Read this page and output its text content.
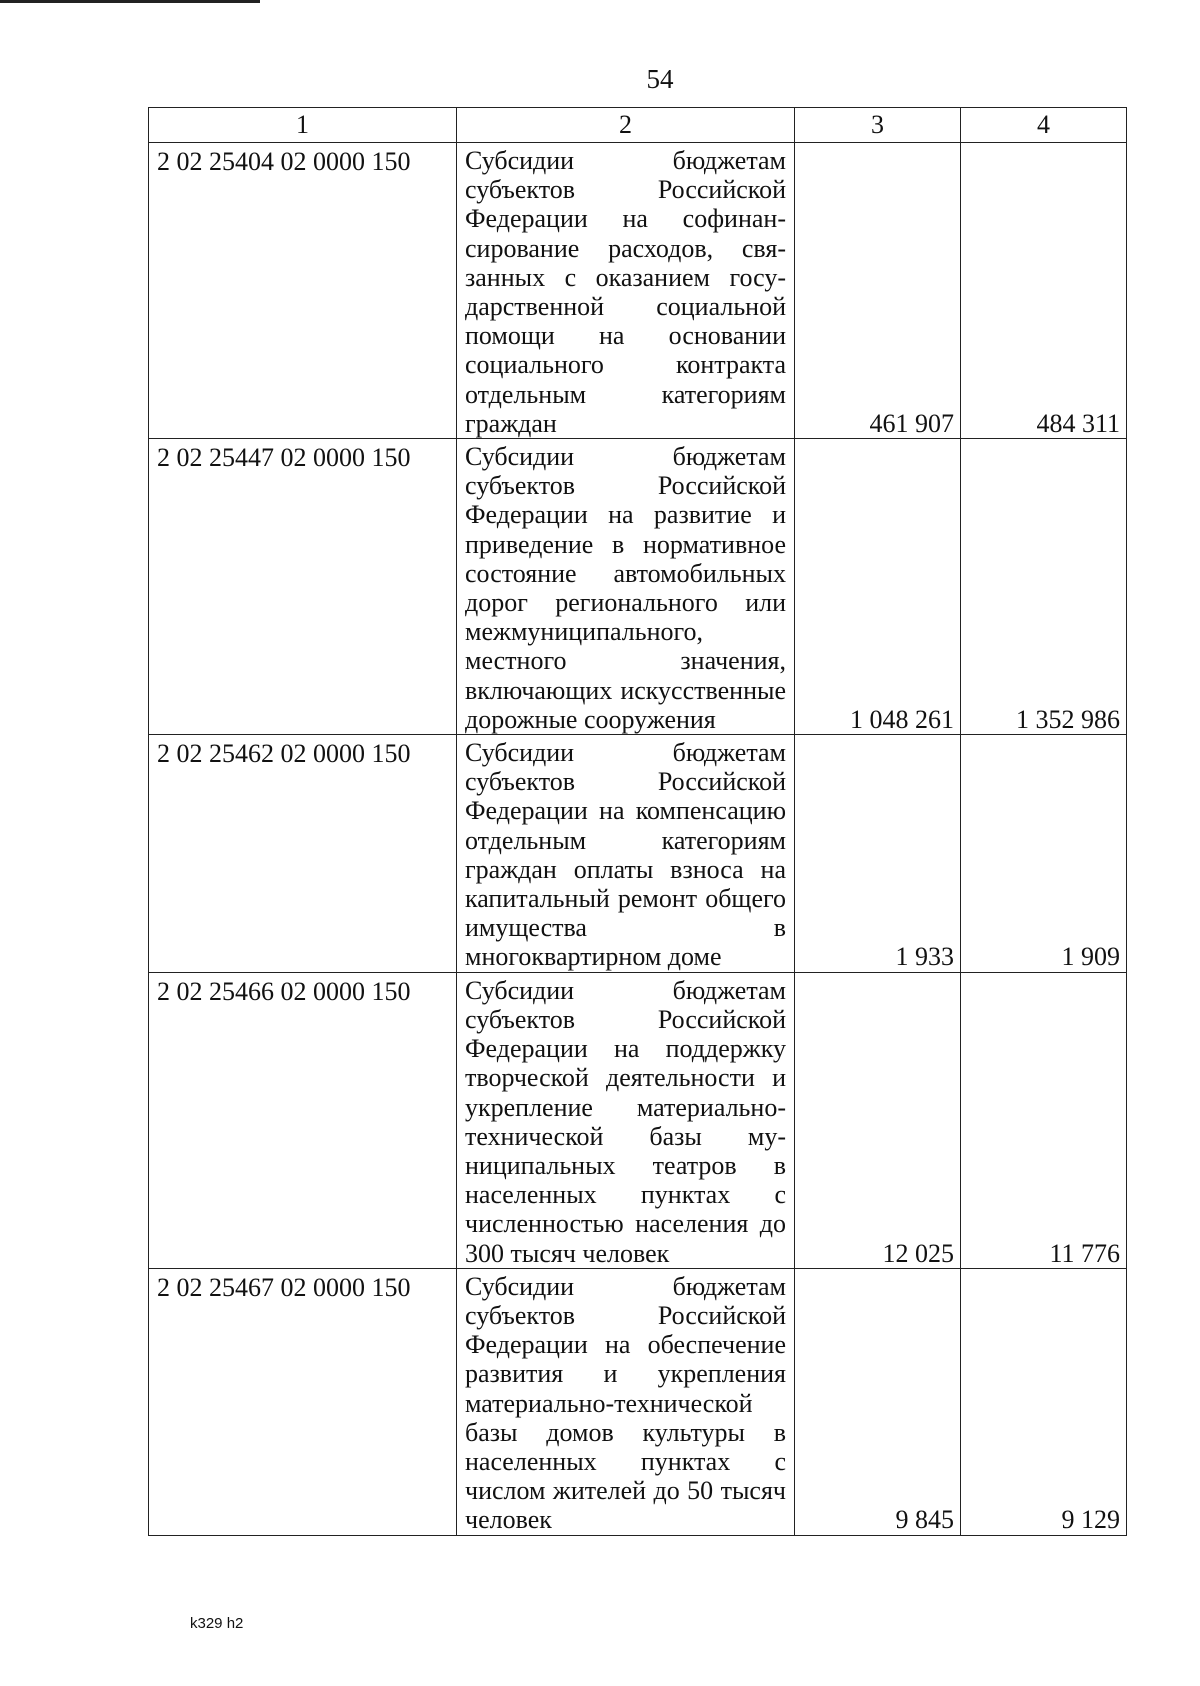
54
1	2	3	4
2 02 25404 02 0000 150	Субсидии бюджетам субъектов Российской Федерации на софинансирование расходов, связанных с оказанием государственной социальной помощи на основании социального контракта отдельным категориям граждан	461 907	484 311
2 02 25447 02 0000 150	Субсидии бюджетам субъектов Российской Федерации на развитие и приведение в нормативное состояние автомобильных дорог регионального или межмуниципального, местного значения, включающих искусственные дорожные сооружения	1 048 261	1 352 986
2 02 25462 02 0000 150	Субсидии бюджетам субъектов Российской Федерации на компенсацию отдельным категориям граждан оплаты взноса на капитальный ремонт общего имущества в многоквартирном доме	1 933	1 909
2 02 25466 02 0000 150	Субсидии бюджетам субъектов Российской Федерации на поддержку творческой деятельности и укрепление материально-технической базы муниципальных театров в населенных пунктах с численностью населения до 300 тысяч человек	12 025	11 776
2 02 25467 02 0000 150	Субсидии бюджетам субъектов Российской Федерации на обеспечение развития и укрепления материально-технической базы домов культуры в населенных пунктах с числом жителей до 50 тысяч человек	9 845	9 129
k329 h2
